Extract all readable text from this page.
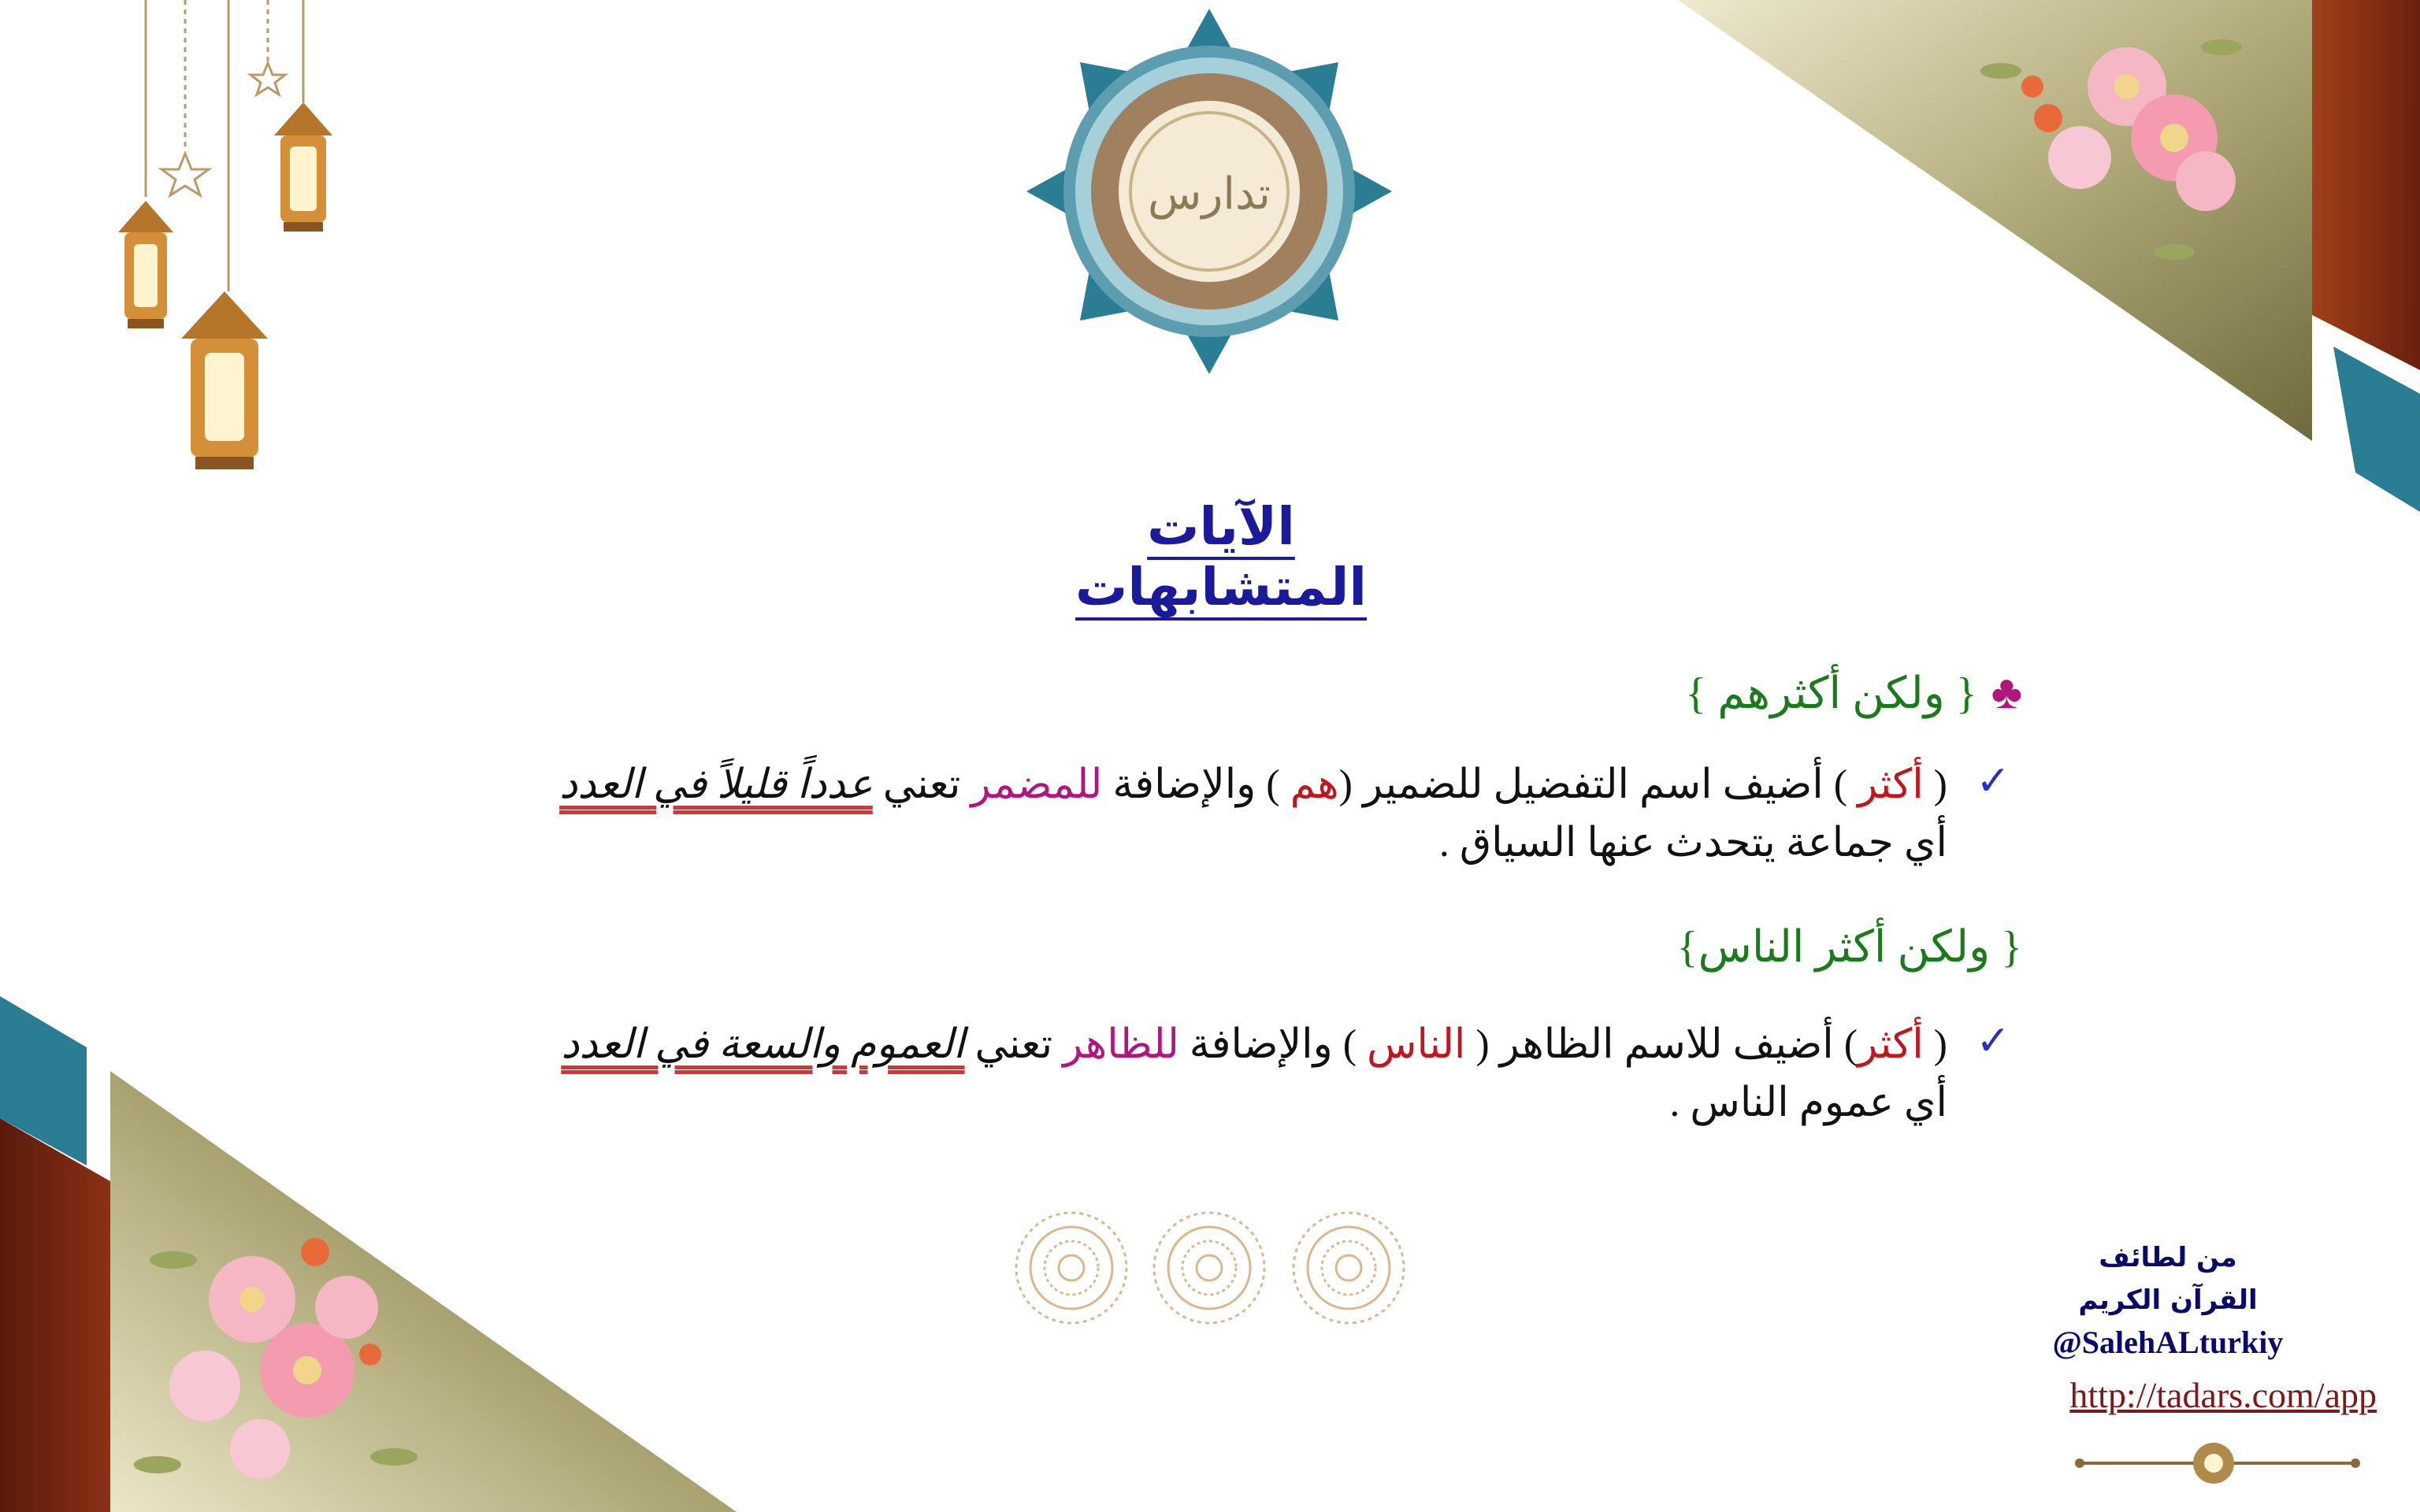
تدارس
الآيات المتشابهات
♣{ ولكن أكثرهم }
✓
( أكثر ) أضيف اسم التفضيل للضمير (هم ) والإضافة للمضمر تعني عدداً قليلاً في العدد
أي جماعة يتحدث عنها السياق .
{ ولكن أكثر الناس}
✓
( أكثر) أضيف للاسم الظاهر ( الناس ) والإضافة للظاهر تعني العموم والسعة في العدد
أي عموم الناس .
من لطائف
القرآن الكريم
@SalehALturkiy
http://tadars.com/app
